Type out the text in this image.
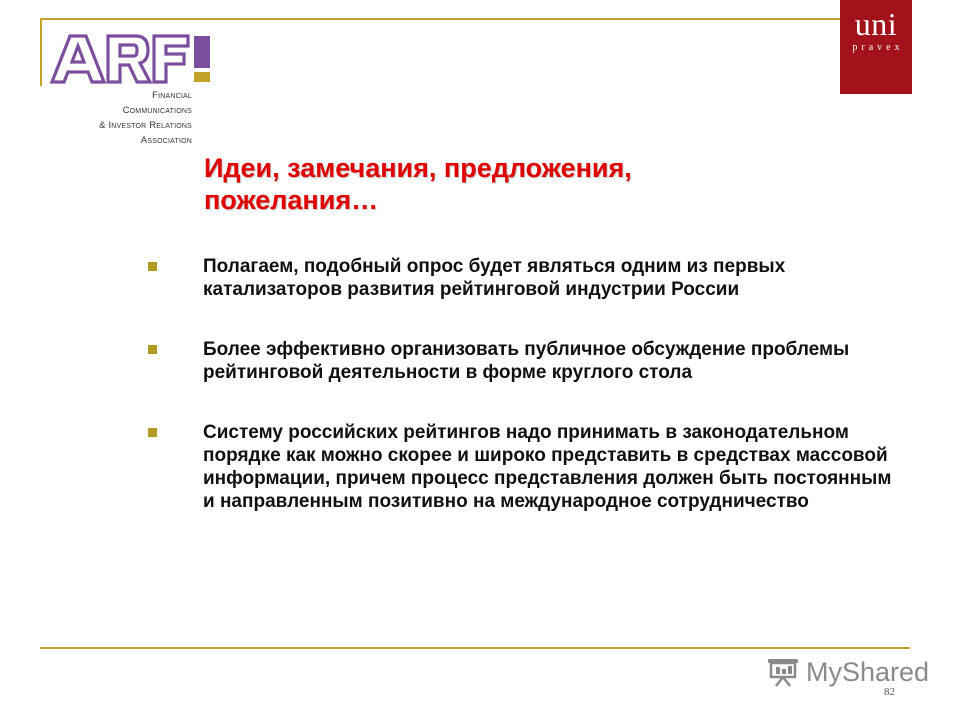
Financial
Communications
& Investor Relations
Association
uni
pravex
Идеи, замечания, предложения, пожелания…
Полагаем, подобный опрос будет являться одним из первых катализаторов развития рейтинговой индустрии России
Более эффективно организовать публичное обсуждение проблемы рейтинговой деятельности в форме круглого стола
Систему российских рейтингов надо принимать в законодательном порядке как можно скорее и широко представить в средствах массовой информации, причем процесс представления должен быть постоянным и направленным позитивно на международное сотрудничество
MyShared
82
